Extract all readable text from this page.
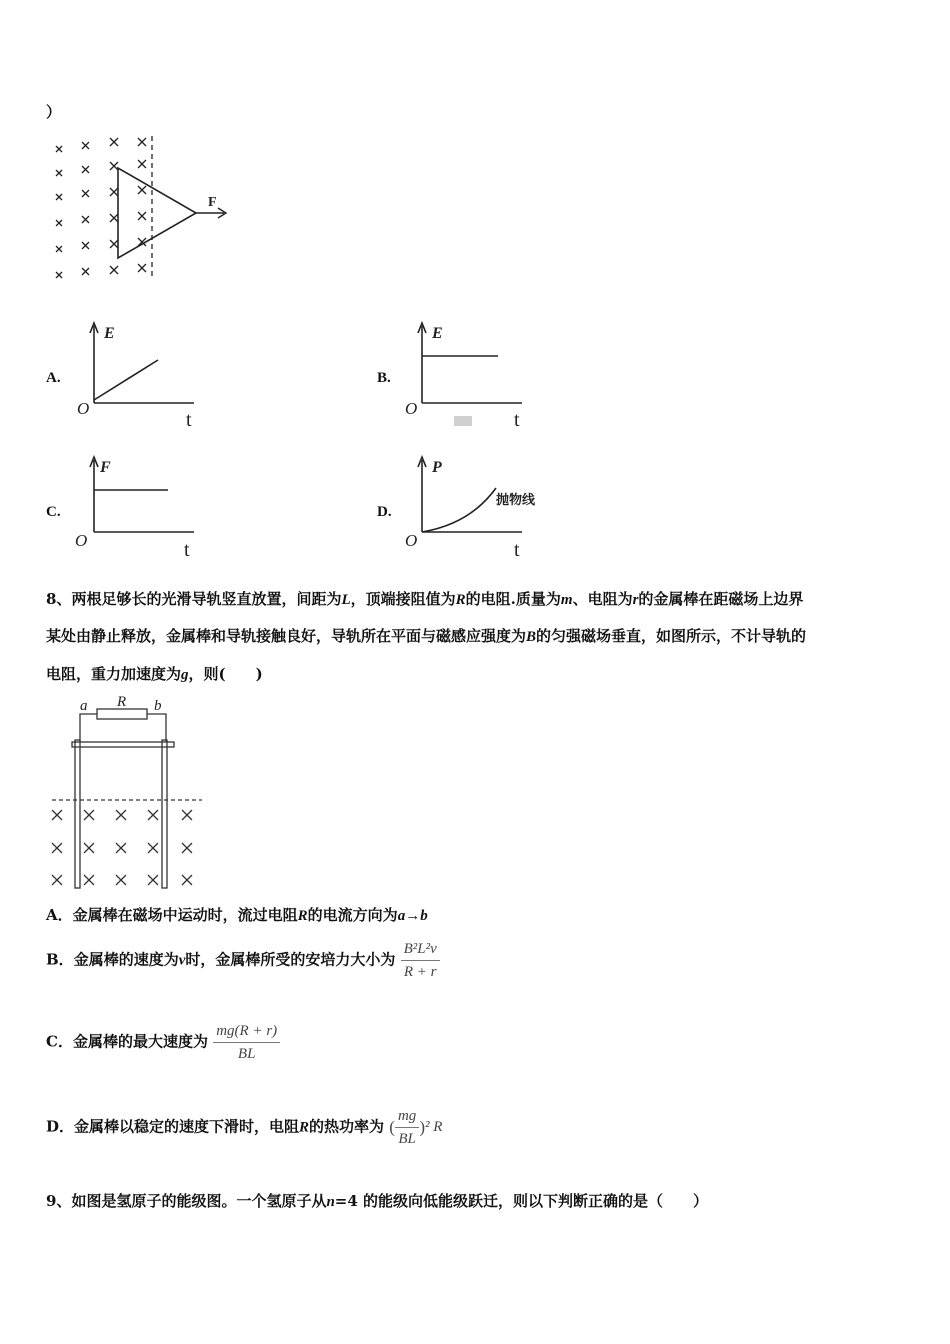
）
F
A.
E
O
t
B.
E
O
t
C.
F
O	t
D.
P
O	t
抛物线
8、两根足够长的光滑导轨竖直放置，间距为L，顶端接阻值为R的电阻.质量为m、电阻为r的金属棒在距磁场上边界
某处由静止释放，金属棒和导轨接触良好，导轨所在平面与磁感应强度为B的匀强磁场垂直，如图所示，不计导轨的
电阻，重力加速度为g，则(　　)
a R b
A．金属棒在磁场中运动时，流过电阻R的电流方向为a→b
B．金属棒的速度为v时，金属棒所受的安培力大小为 $\frac{\text{B²L²v}}{R + r}$
C．金属棒的最大速度为 $\frac{mg(R + r)}{BL}$
D．金属棒以稳定的速度下滑时，电阻R的热功率为 ( $\frac{mg}{BL} )^2$ R
9、如图是氢原子的能级图。一个氢原子从n=4 的能级向低能级跃迁，则以下判断正确的是（　　）
